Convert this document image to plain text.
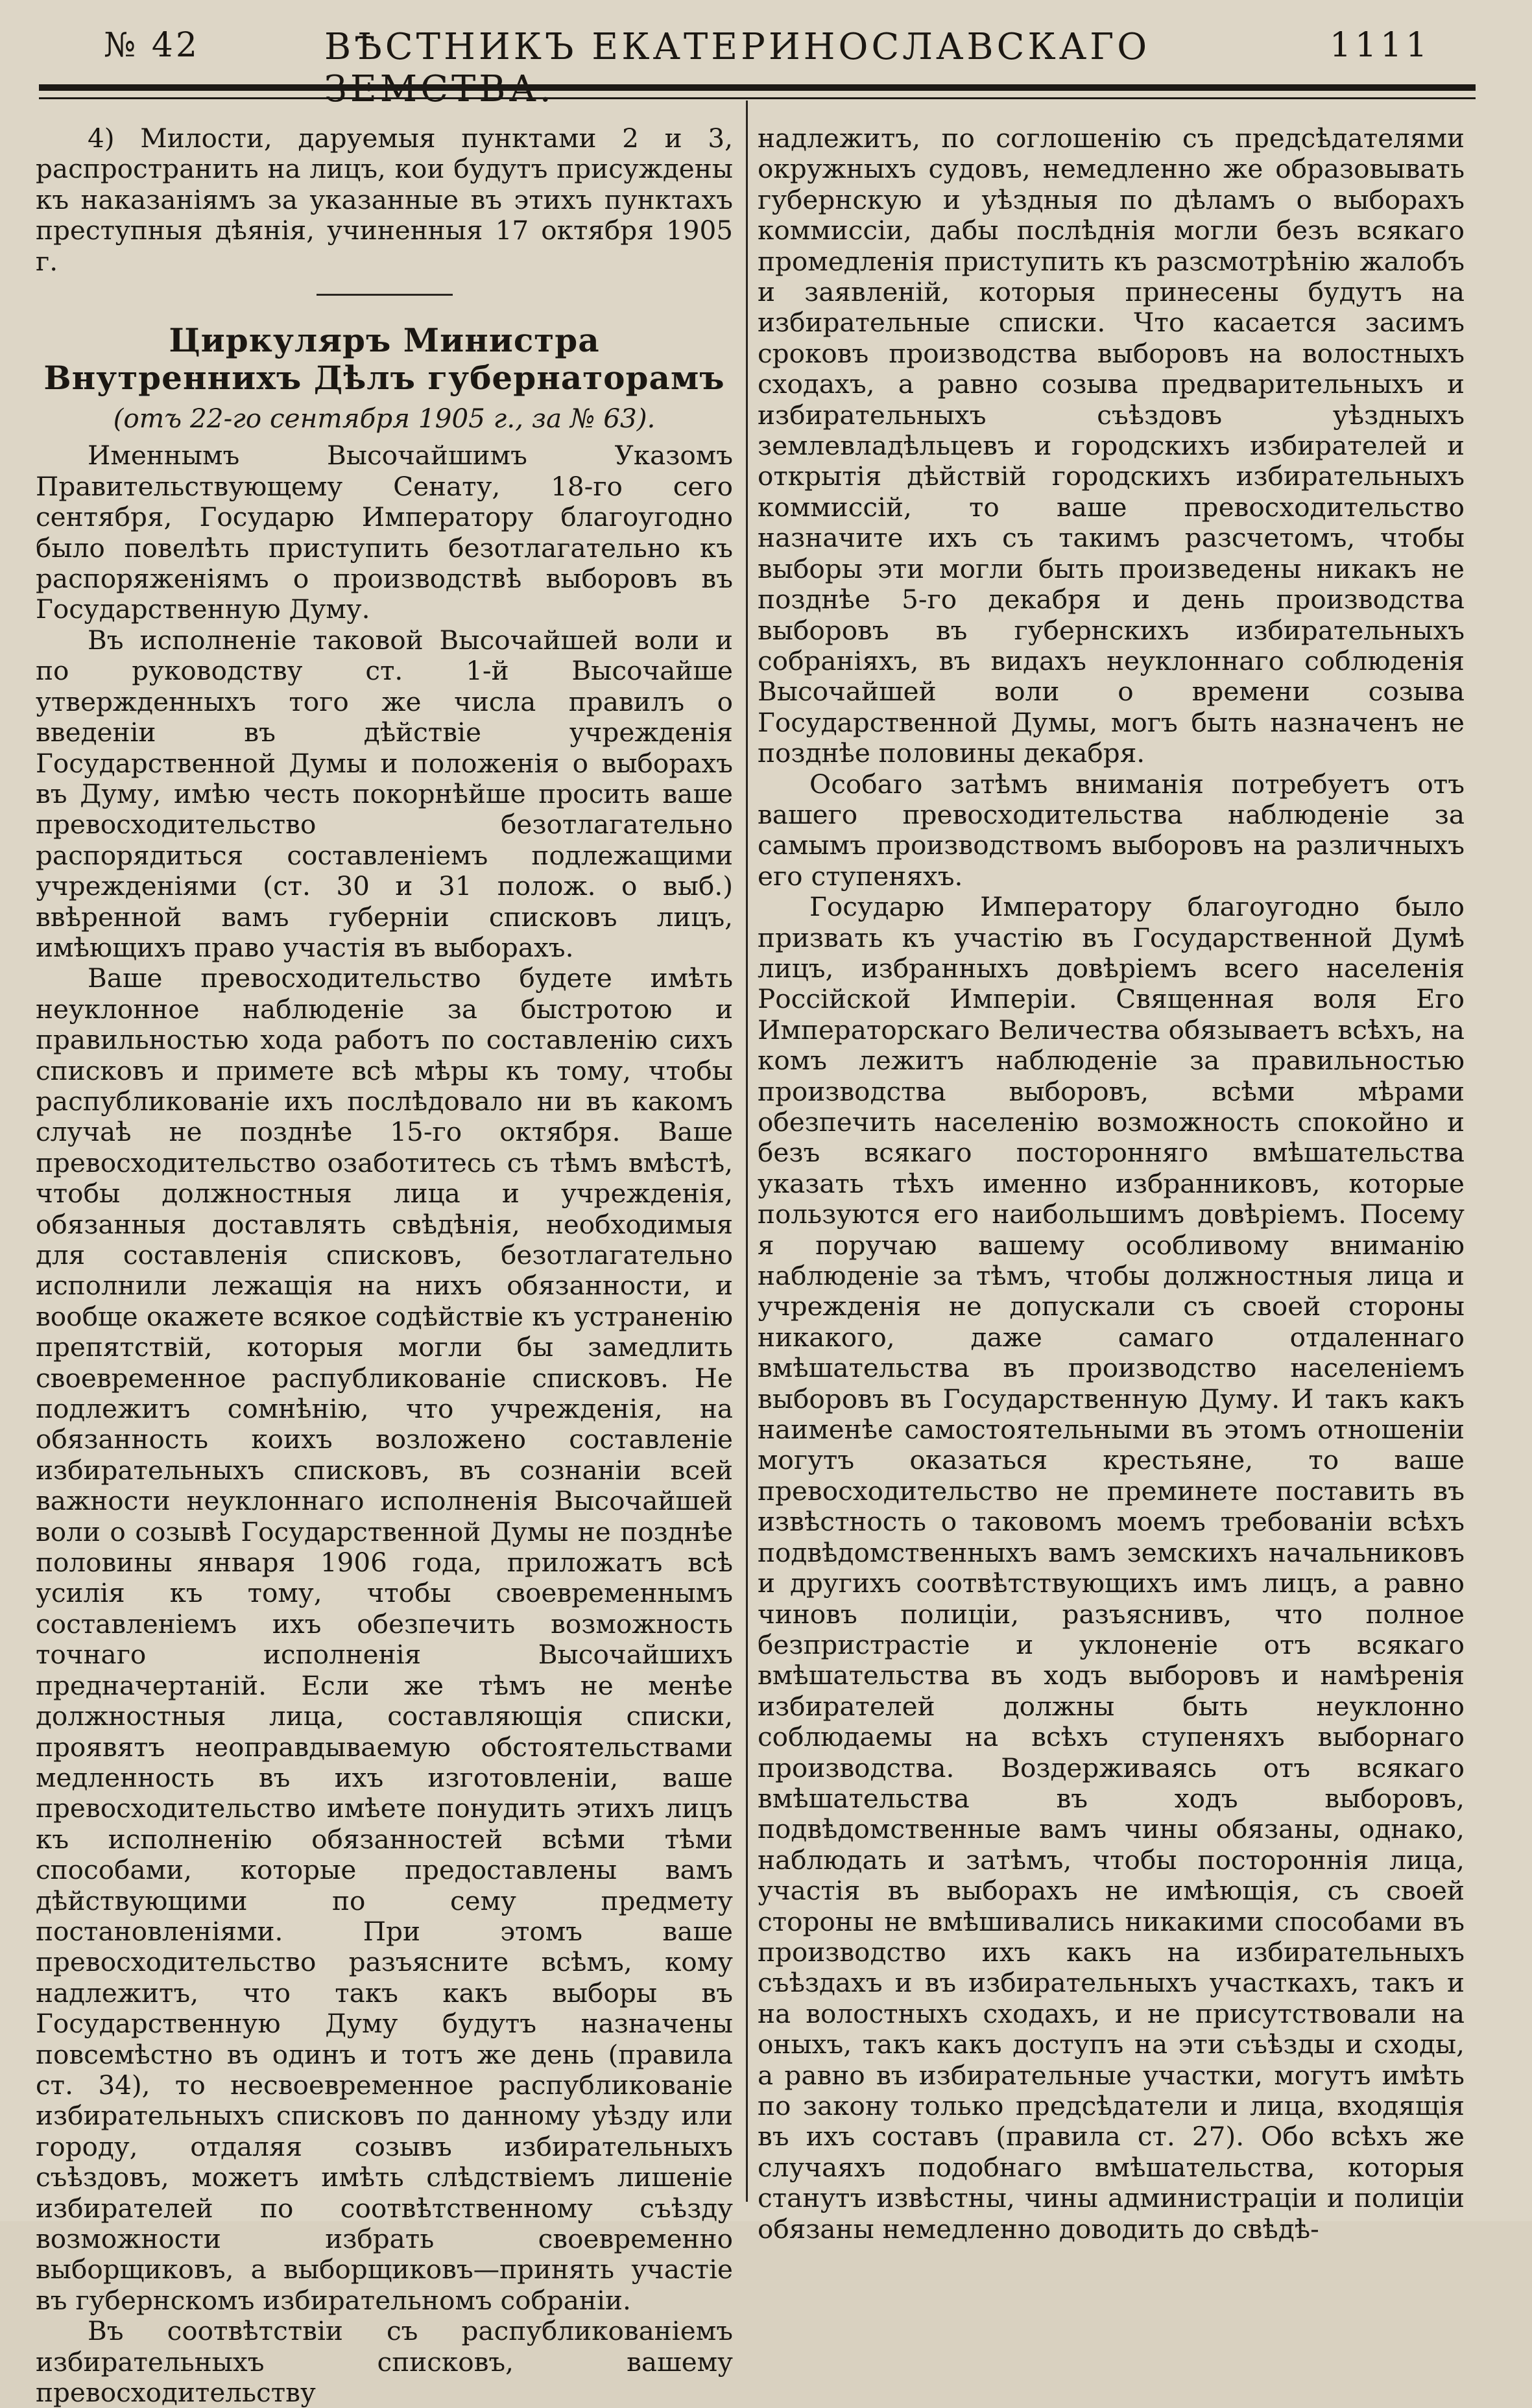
№ 42	ВѢСТНИКЪ ЕКАТЕРИНОСЛАВСКАГО	1111

4) Милости, даруемыя пунктами 2 и 3, распространить на лицъ, кои будутъ присуждены къ наказаніямъ за указанные въ этихъ пунктахъ преступныя дѣянія, учиненныя 17 октября 1905 г.

Циркуляръ Министра Внутреннихъ Дѣлъ губернаторамъ
(отъ 22-го сентября 1905 г., за № 63).

Именнымъ Высочайшимъ Указомъ Правительствующему Сенату, 18-го сего сентября, Государю Императору благоугодно было повелѣть приступить безотлагательно къ распоряженіямъ о производствѣ выборовъ въ Государственную Думу.

Въ исполненіе таковой Высочайшей воли и по руководству ст. 1-й Высочайше утвержденныхъ того же числа правилъ о введеніи въ дѣйствіе учрежденія Государственной Думы и положенія о выборахъ въ Думу, имѣю честь покорнѣйше просить ваше превосходительство безотлагательно распорядиться составленіемъ подлежащими учрежденіями (ст. 30 и 31 полож. о выб.) ввѣренной вамъ губерніи списковъ лицъ, имѣющихъ право участія въ выборахъ.

Ваше превосходительство будете имѣть неуклонное наблюденіе за быстротою и правильностью хода работъ по составленію сихъ списковъ и примете всѣ мѣры къ тому, чтобы распубликованіе ихъ послѣдовало ни въ какомъ случаѣ не позднѣе 15-го октября. Ваше превосходительство озаботитесь съ тѣмъ вмѣстѣ, чтобы должностныя лица и учрежденія, обязанныя доставлять свѣдѣнія, необходимыя для составленія списковъ, безотлагательно исполнили лежащія на нихъ обязанности, и вообще окажете всякое содѣйствіе къ устраненію препятствій, которыя могли бы замедлить своевременное распубликованіе списковъ. Не подлежитъ сомнѣнію, что учрежденія, на обязанность коихъ возложено составленіе избирательныхъ списковъ, въ сознаніи всей важности неуклоннаго исполненія Высочайшей воли о созывѣ Государственной Думы не позднѣе половины января 1906 года, приложатъ всѣ усилія къ тому, чтобы своевременнымъ составленіемъ ихъ обезпечить возможность точнаго исполненія Высочайшихъ предначертаній. Если же тѣмъ не менѣе должностныя лица, составляющія списки, проявятъ неоправдываемую обстоятельствами медленность въ ихъ изготовленіи, ваше превосходительство имѣете понудить этихъ лицъ къ исполненію обязанностей всѣми тѣми способами, которые предоставлены вамъ дѣйствующими по сему предмету постановленіями. При этомъ ваше превосходительство разъясните всѣмъ, кому надлежитъ, что такъ какъ выборы въ Государственную Думу будутъ назначены повсемѣстно въ одинъ и тотъ же день (правила ст. 34), то несвоевременное распубликованіе избирательныхъ списковъ по данному уѣзду или городу, отдаляя созывъ избирательныхъ съѣздовъ, можетъ имѣть слѣдствіемъ лишеніе избирателей по соотвѣтственному съѣзду возможности избрать своевременно выборщиковъ, а выборщиковъ—принять участіе въ губернскомъ избирательномъ собраніи.

Въ соотвѣтствіи съ распубликованіемъ избирательныхъ списковъ, вашему превосходительству

надлежитъ, по соглошенію съ предсѣдателями окружныхъ судовъ, немедленно же образовывать губернскую и уѣздныя по дѣламъ о выборахъ коммиссіи, дабы послѣднія могли безъ всякаго промедленія приступить къ разсмотрѣнію жалобъ и заявленій, которыя принесены будутъ на избирательные списки. Что касается засимъ сроковъ производства выборовъ на волостныхъ сходахъ, а равно созыва предварительныхъ и избирательныхъ съѣздовъ уѣздныхъ землевладѣльцевъ и городскихъ избирателей и открытія дѣйствій городскихъ избирательныхъ коммиссій, то ваше превосходительство назначите ихъ съ такимъ разсчетомъ, чтобы выборы эти могли быть произведены никакъ не позднѣе 5-го декабря и день производства выборовъ въ губернскихъ избирательныхъ собраніяхъ, въ видахъ неуклоннаго соблюденія Высочайшей воли о времени созыва Государственной Думы, могъ быть назначенъ не позднѣе половины декабря.

Особаго затѣмъ вниманія потребуетъ отъ вашего превосходительства наблюденіе за самымъ производствомъ выборовъ на различныхъ его ступеняхъ.

Государю Императору благоугодно было призвать къ участію въ Государственной Думѣ лицъ, избранныхъ довѣріемъ всего населенія Россійской Имперіи. Священная воля Его Императорскаго Величества обязываетъ всѣхъ, на комъ лежитъ наблюденіе за правильностью производства выборовъ, всѣми мѣрами обезпечить населенію возможность спокойно и безъ всякаго посторонняго вмѣшательства указать тѣхъ именно избранниковъ, которые пользуются его наибольшимъ довѣріемъ. Посему я поручаю вашему особливому вниманію наблюденіе за тѣмъ, чтобы должностныя лица и учрежденія не допускали съ своей стороны никакого, даже самаго отдаленнаго вмѣшательства въ производство населеніемъ выборовъ въ Государственную Думу. И такъ какъ наименѣе самостоятельными въ этомъ отношеніи могутъ оказаться крестьяне, то ваше превосходительство не преминете поставить въ извѣстность о таковомъ моемъ требованіи всѣхъ подвѣдомственныхъ вамъ земскихъ начальниковъ и другихъ соотвѣтствующихъ имъ лицъ, а равно чиновъ полиціи, разъяснивъ, что полное безпристрастіе и уклоненіе отъ всякаго вмѣшательства въ ходъ выборовъ и намѣренія избирателей должны быть неуклонно соблюдаемы на всѣхъ ступеняхъ выборнаго производства. Воздерживаясь отъ всякаго вмѣшательства въ ходъ выборовъ, подвѣдомственные вамъ чины обязаны, однако, наблюдать и затѣмъ, чтобы постороннія лица, участія въ выборахъ не имѣющія, съ своей стороны не вмѣшивались никакими способами въ производство ихъ какъ на избирательныхъ съѣздахъ и въ избирательныхъ участкахъ, такъ и на волостныхъ сходахъ, и не присутствовали на оныхъ, такъ какъ доступъ на эти съѣзды и сходы, а равно въ избирательные участки, могутъ имѣть по закону только предсѣдатели и лица, входящія въ ихъ составъ (правила ст. 27). Обо всѣхъ же случаяхъ подобнаго вмѣшательства, которыя станутъ извѣстны, чины администраціи и полиціи обязаны немедленно доводить до свѣдѣ-
